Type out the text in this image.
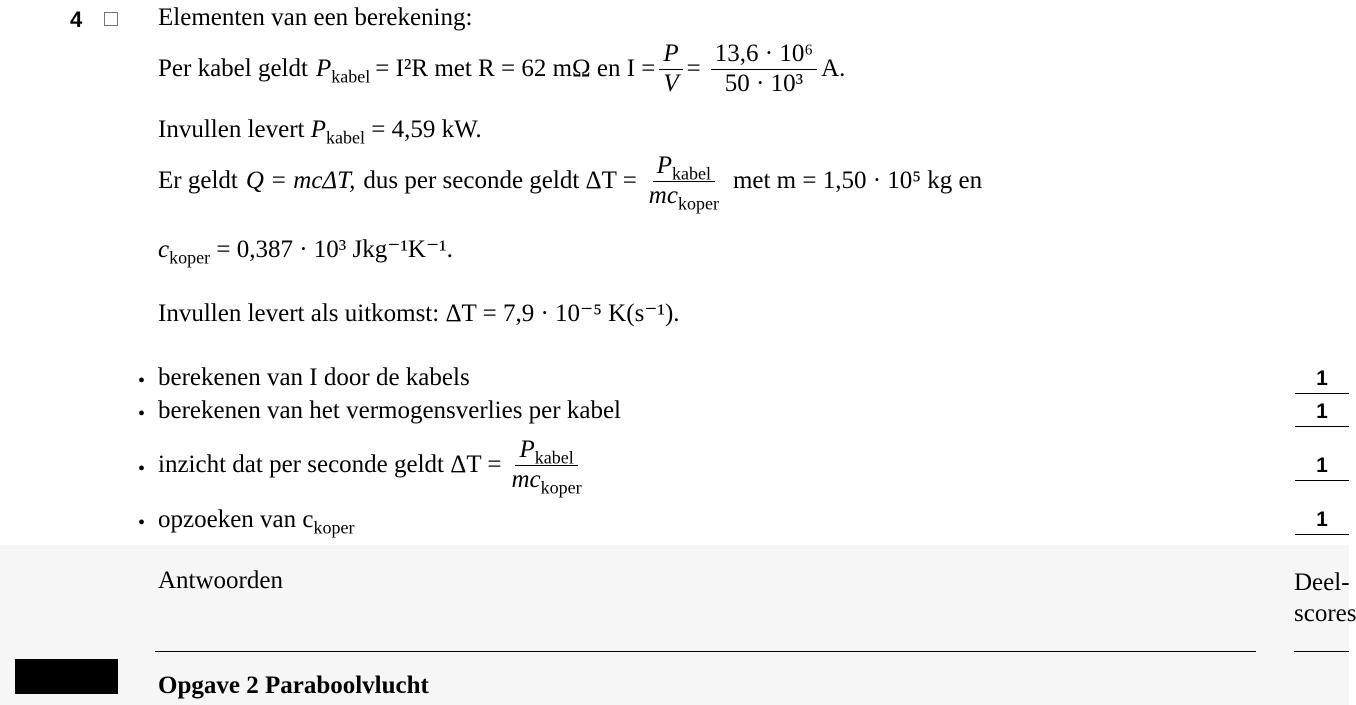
4	Elementen van een berekening:
Per kabel geldt $P_{kabel} = I^2R$ met R = 62 mΩ en $I = \frac{P}{V} = \frac{\text{13,6 · 10⁶}}{\text{50 · 10³}} A$.
Invullen levert $P_{kabel} = 4,59$ kW.
Er geldt Q = mcΔT, dus per seconde geldt $\Delta T = \frac{P_{kabel}}{mc_{koper}}$ met m = 1,50 · 10⁵ kg en
$c_{koper} = 0,387 \cdot 10^3$ Jkg⁻¹K⁻¹.
Invullen levert als uitkomst: ΔT = 7,9 · 10⁻⁵ K(s⁻¹).
• berekenen van I door de kabels	1
• berekenen van het vermogensverlies per kabel	1
• inzicht dat per seconde geldt $\Delta T = \frac{P_{kabel}}{mc_{koper}}$	1
• opzoeken van $c_{koper}$	1
Antwoorden	Deel-
scores
Opgave 2 Paraboolvlucht
